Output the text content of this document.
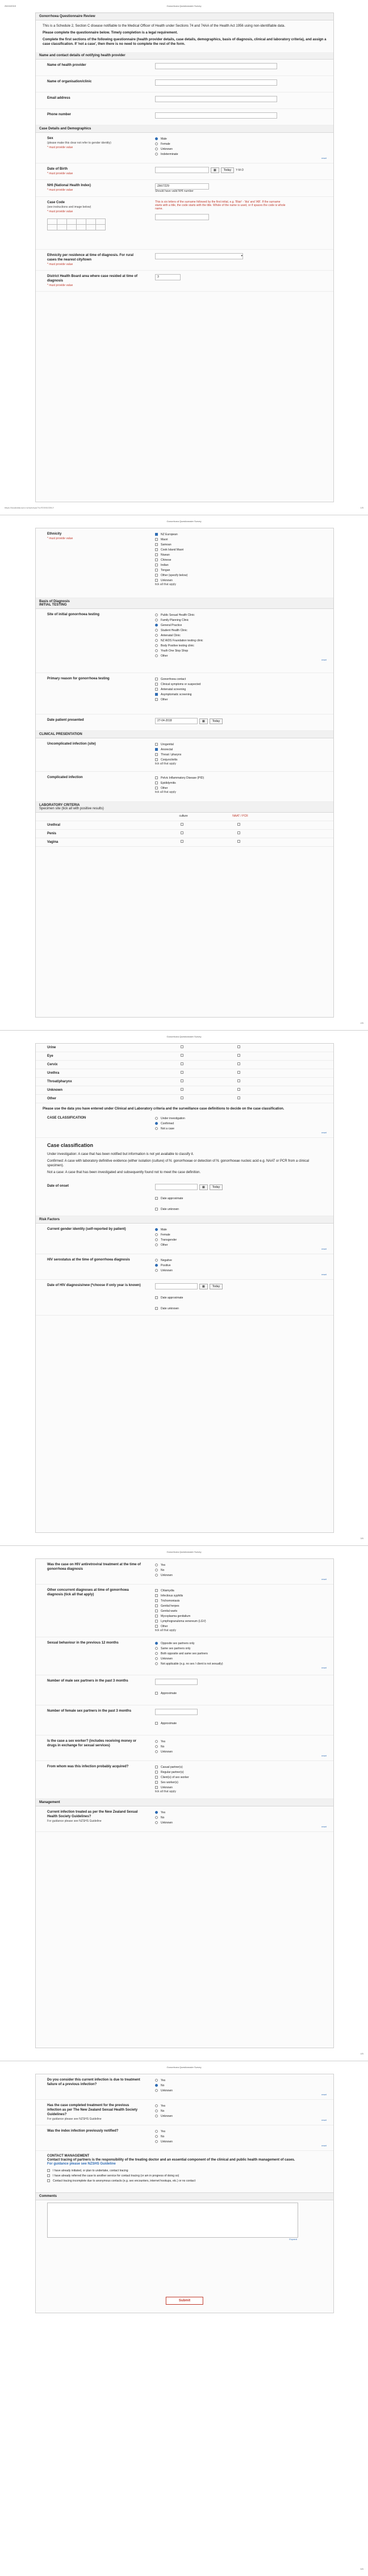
25/10/2019	Gonorrhoea Questionnaire Survey
Gonorrhoea Questionnaire Review
This is a Schedule 2, Section C disease notifiable to the Medical Officer of Health under Sections 74 and 74AA of the Health Act 1956 using non-identifiable data.
Please complete the questionnaire below. Timely completion is a legal requirement.
Complete the first sections of the following questionnaire (health provider details, case details, demographics, basis of diagnosis, clinical and laboratory criteria), and assign a case classification. If 'not a case', then there is no need to complete the rest of the form.
Name and contact details of notifying health provider
Name of health provider
Name of organisation/clinic
Email address
Phone number
Case Details and Demographics
Sex
(please make this clear not refer to gender identity)
* must provide value
Male
Female
Unknown
Indeterminate
reset
Date of Birth
* must provide value
▦	Today	Y-M-D
NHI (National Health Index)
* must provide value
ZAX7229
Should have valid NHI number
Case Code
(see instructions and image below)
* must provide value

This is six letters of the surname followed by the first initial, e.g. 'Blair' - 'bla' and 'AB'. If the surname starts with a title, the code starts with the title. Whole of the name is used, or if spaces the code is whole name.
Ethnicity per residence at time of diagnosis. For rural cases the nearest city/town
* must provide value
▾
District Health Board area where case resided at time of diagnosis
* must provide value
3
https://localdata.surv.nz/surveys/?s=RXKNX39LY	1/5
Gonorrhoea Questionnaire Survey
Ethnicity
* must provide value
NZ European
Maori
Samoan
Cook Island Maori
Niuean
Chinese
Indian
Tongan
Other (specify below)
Unknown
tick all that apply
Basis of Diagnosis
INITIAL TESTING
Site of initial gonorrhoea testing	Public Sexual Health Clinic
Family Planning Clinic
General Practice
Student Health Clinic
Antenatal Clinic
NZ AIDS Foundation testing clinic
Body Positive testing clinic
Youth One Stop Shop
Other
reset
Primary reason for gonorrhoea testing	Gonorrhoea contact
Clinical symptoms or suspected
Antenatal screening
Asymptomatic screening
Other
Date patient presented	27-04-2018	▦	Today
CLINICAL PRESENTATION
Uncomplicated infection (site)	Urogenital
Anorectal
Throat / pharynx
Conjunctivitis
tick all that apply
Complicated infection	Pelvic Inflammatory Disease (PID)
Epididymitis
Other
tick all that apply
LABORATORY CRITERIA
Specimen site (tick all with positive results)
culture	NAAT / PCR
Urethral
Penis
Vagina
2/5
Gonorrhoea Questionnaire Survey
Urine
Eye
Cervix
Urethra
Throat/pharynx
Unknown
Other
Please use the data you have entered under Clinical and Laboratory criteria and the surveillance case definitions to decide on the case classification.
CASE CLASSIFICATION	Under investigation
Confirmed
Not a case
reset
Case classification
Under investigation: A case that has been notified but information is not yet available to classify it.
Confirmed: A case with laboratory definitive evidence (either isolation (culture) of N. gonorrhoeae or detection of N. gonorrhoeae nucleic acid e.g. NAAT or PCR from a clinical specimen).
Not a case: A case that has been investigated and subsequently found not to meet the case definition.
Date of onset	▦	Today
Date approximate
Date unknown
Risk Factors
Current gender identity (self-reported by patient)	Male
Female
Transgender
Other
reset
HIV serostatus at the time of gonorrhoea diagnosis	Negative
Positive
Unknown
reset
Date of HIV diagnosis/new (*choose if only year is known)	▦	Today
Date approximate
Date unknown
3/5
Gonorrhoea Questionnaire Survey
Was the case on HIV antiretroviral treatment at the time of gonorrhoea diagnosis
Yes
No
Unknown
reset
Other concurrent diagnoses at time of gonorrhoea diagnosis (tick all that apply)
Chlamydia
Infectious syphilis
Trichomoniasis
Genital herpes
Genital warts
Mycoplasma genitalium
Lymphogranuloma venereum (LGV)
Other
tick all that apply
Sexual behaviour in the previous 12 months	Opposite sex partners only
Same sex partners only
Both opposite and same sex partners
Unknown
Not applicable (e.g. no sex / client is not sexually)
reset
Number of male sex partners in the past 3 months
Approximate
Number of female sex partners in the past 3 months
Approximate
Is the case a sex worker? (includes receiving money or drugs in exchange for sexual services)
Yes
No
Unknown
reset
From whom was this infection probably acquired?	Casual partner(s)
Regular partner(s)
Client(s) of sex worker
Sex worker(s)
Unknown
tick all that apply
Management
Current infection treated as per the New Zealand Sexual Health Society Guidelines?
For guidance please see NZSHS Guideline
Yes
No
Unknown
reset
4/5
Gonorrhoea Questionnaire Survey
Do you consider this current infection is due to treatment failure of a previous infection?
Yes
No
Unknown
reset
Has the case completed treatment for the previous infection as per The New Zealand Sexual Health Society Guidelines?
For guidance please see NZSHS Guideline
Yes
No
Unknown
reset
Was the index infection previously notified?	Yes
No
Unknown
reset
CONTACT MANAGEMENT
Contact tracing of partners is the responsibility of the treating doctor and an essential component of the clinical and public health management of cases.
For guidance please see NZSHS Guideline
I have already initiated, or plan to undertake, contact tracing
I have already referred the case to another service for contact tracing (or am in progress of doing so)
Contact tracing incomplete due to anonymous contacts (e.g. sex encounters, internet hookups, etc.) or no contact
Comments
Expand
Submit
5/5
